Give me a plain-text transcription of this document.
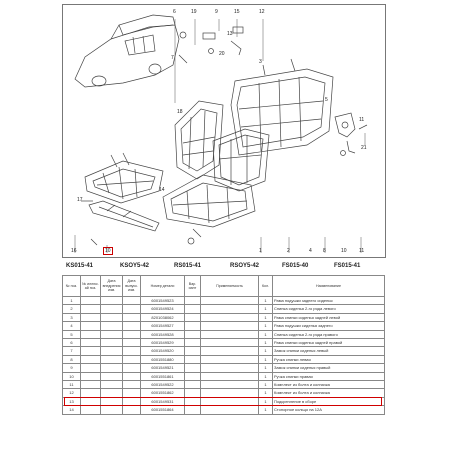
6	19	9	15	12
13
7
20
3
18
5
11
21
14
17
16	10	1	2	4 8	10 11
KS015-41	KSOY5-42	RS015-41	RSOY5-42	FS015-40	FS015-41
№ поз.	№ иллюс. ай поз.	Дата внедрения изм.	Дата выпуск. изм.	Номер детали	Вар. иант	Применяемость	Кол.	Наименование
1				6001549523			1	Рама подушки заднего сиденья
2				6001549524			1	Спинка сиденья 2-го ряда левого
3				8201038062			1	Рама спинки сиденья задней левой
4				6001549527			1	Рама подушки сиденья заднего
5				6001549528			1	Спинка сиденья 2-го ряда правого
6				6001549529			1	Рама спинки сиденья задней правой
7				6001549520			1	Замок спинки сиденья левый
8				6001551880			1	Ручка спинки левая
9				6001549521			1	Замок спинки сиденья правый
10				6001551861			1	Ручка спинки правая
11				6001549522			1	Комплект из болта и колпачка
12				6001551862			1	Комплект из болта и колпачка
13				6001549531			1	Подкрепление в сборе
14				6001551864			1	Стопорное кольцо на 12А
